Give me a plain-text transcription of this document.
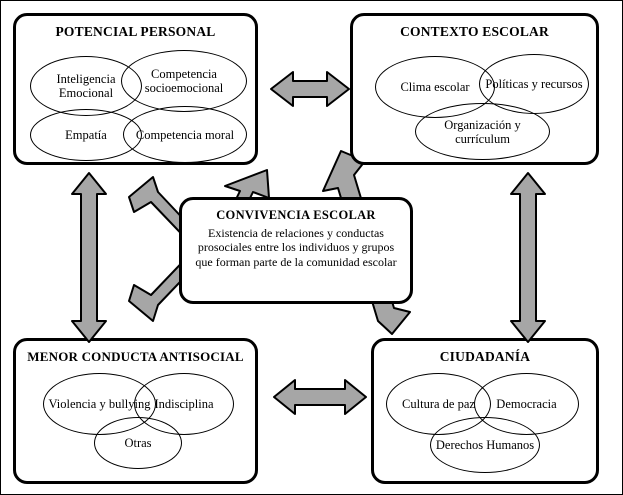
POTENCIAL PERSONAL
Inteligencia Emocional
Competencia socioemocional
Empatía	Competencia moral
CONTEXTO ESCOLAR
Clima escolar	Políticas y recursos
Organización y currículum
MENOR CONDUCTA ANTISOCIAL
Violencia y bullying Indisciplina
Otras
CIUDADANÍA
Cultura de paz	Democracia
Derechos Humanos
CONVIVENCIA ESCOLAR
Existencia de relaciones y conductas prosociales entre los individuos y grupos que forman parte de la comunidad escolar
